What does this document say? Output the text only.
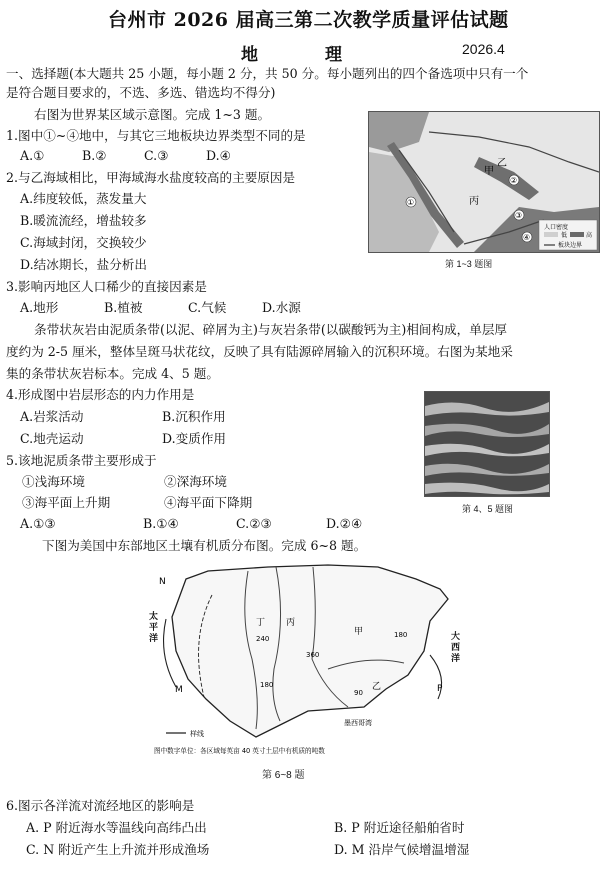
台州市 2026 届高三第二次教学质量评估试题
地	理	2026.4
一、选择题(本大题共 25 小题，每小题 2 分，共 50 分。每小题列出的四个备选项中只有一个
是符合题目要求的，不选、多选、错选均不得分)
右图为世界某区域示意图。完成 1~3 题。
1.图中①~④地中，与其它三地板块边界类型不同的是
A.①	B.②	C.③	D.④
2.与乙海域相比，甲海域海水盐度较高的主要原因是
A.纬度较低，蒸发量大
B.暖流流经，增盐较多
C.海域封闭，交换较少
D.结冰期长，盐分析出
3.影响丙地区人口稀少的直接因素是
A.地形	B.植被	C.气候	D.水源
①
②
③
④
甲
乙
丙
人口密度
低	高
板块边界
第 1~3 题图
条带状灰岩由泥质条带(以泥、碎屑为主)与灰岩条带(以碳酸钙为主)相间构成，单层厚
度约为 2-5 厘米，整体呈斑马状花纹，反映了具有陆源碎屑输入的沉积环境。右图为某地采
集的条带状灰岩标本。完成 4、5 题。
4.形成图中岩层形态的内力作用是
A.岩浆活动	B.沉积作用
C.地壳运动	D.变质作用
5.该地泥质条带主要形成于
①浅海环境	②深海环境
③海平面上升期	④海平面下降期
A.①③	B.①④	C.②③	D.②④
第 4、5 题图
下图为美国中东部地区土壤有机质分布图。完成 6~8 题。
N
M	P
丁 丙
甲
乙
240
360
180
180
90
墨西哥湾
样线
图中数字单位：各区域每英亩 40 英寸土层中有机质的吨数
太平洋
大西洋
第 6~8 题
6.图示各洋流对流经地区的影响是
A. P 附近海水等温线向高纬凸出	B. P 附近途径船舶省时
C. N 附近产生上升流并形成渔场	D. M 沿岸气候增温增湿
